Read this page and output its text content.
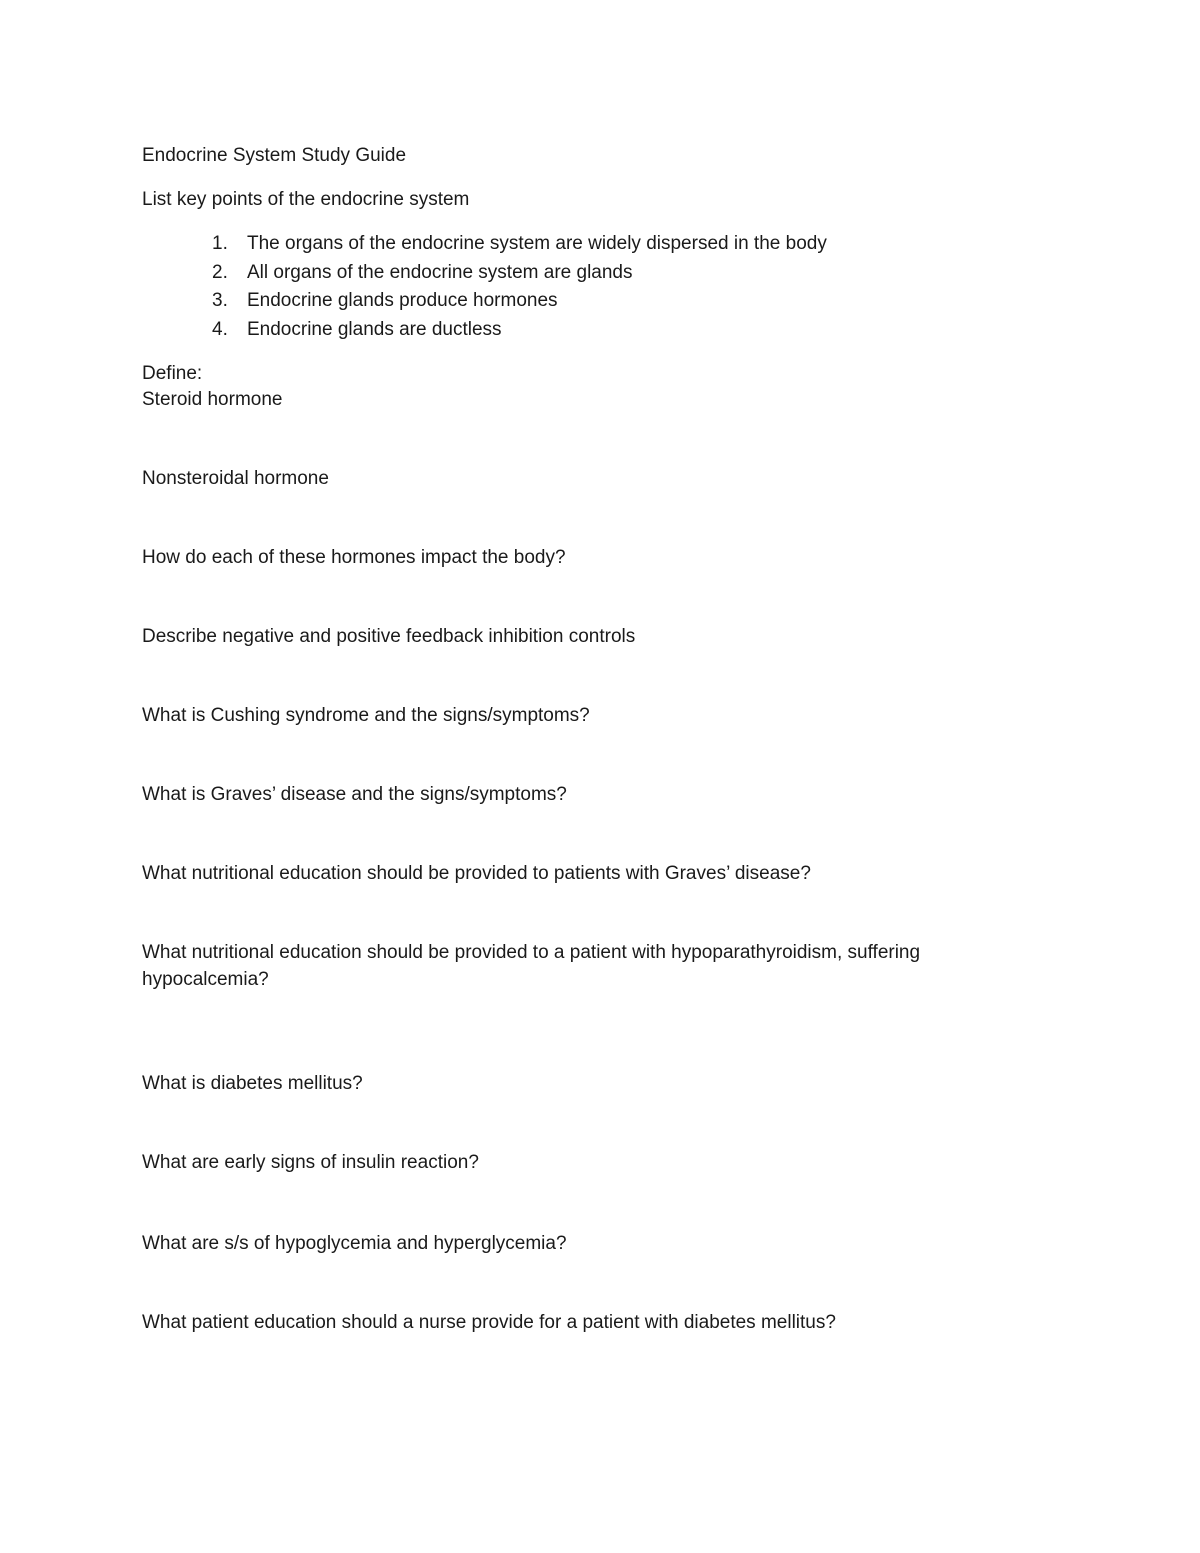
Endocrine System Study Guide

List key points of the endocrine system

1. The organs of the endocrine system are widely dispersed in the body
2. All organs of the endocrine system are glands
3. Endocrine glands produce hormones
4. Endocrine glands are ductless

Define:

Steroid hormone

Nonsteroidal hormone

How do each of these hormones impact the body?

Describe negative and positive feedback inhibition controls

What is Cushing syndrome and the signs/symptoms?

What is Graves’ disease and the signs/symptoms?

What nutritional education should be provided to patients with Graves’ disease?

What nutritional education should be provided to a patient with hypoparathyroidism, suffering

hypocalcemia?

What is diabetes mellitus?

What are early signs of insulin reaction?

What are s/s of hypoglycemia and hyperglycemia?

What patient education should a nurse provide for a patient with diabetes mellitus?
